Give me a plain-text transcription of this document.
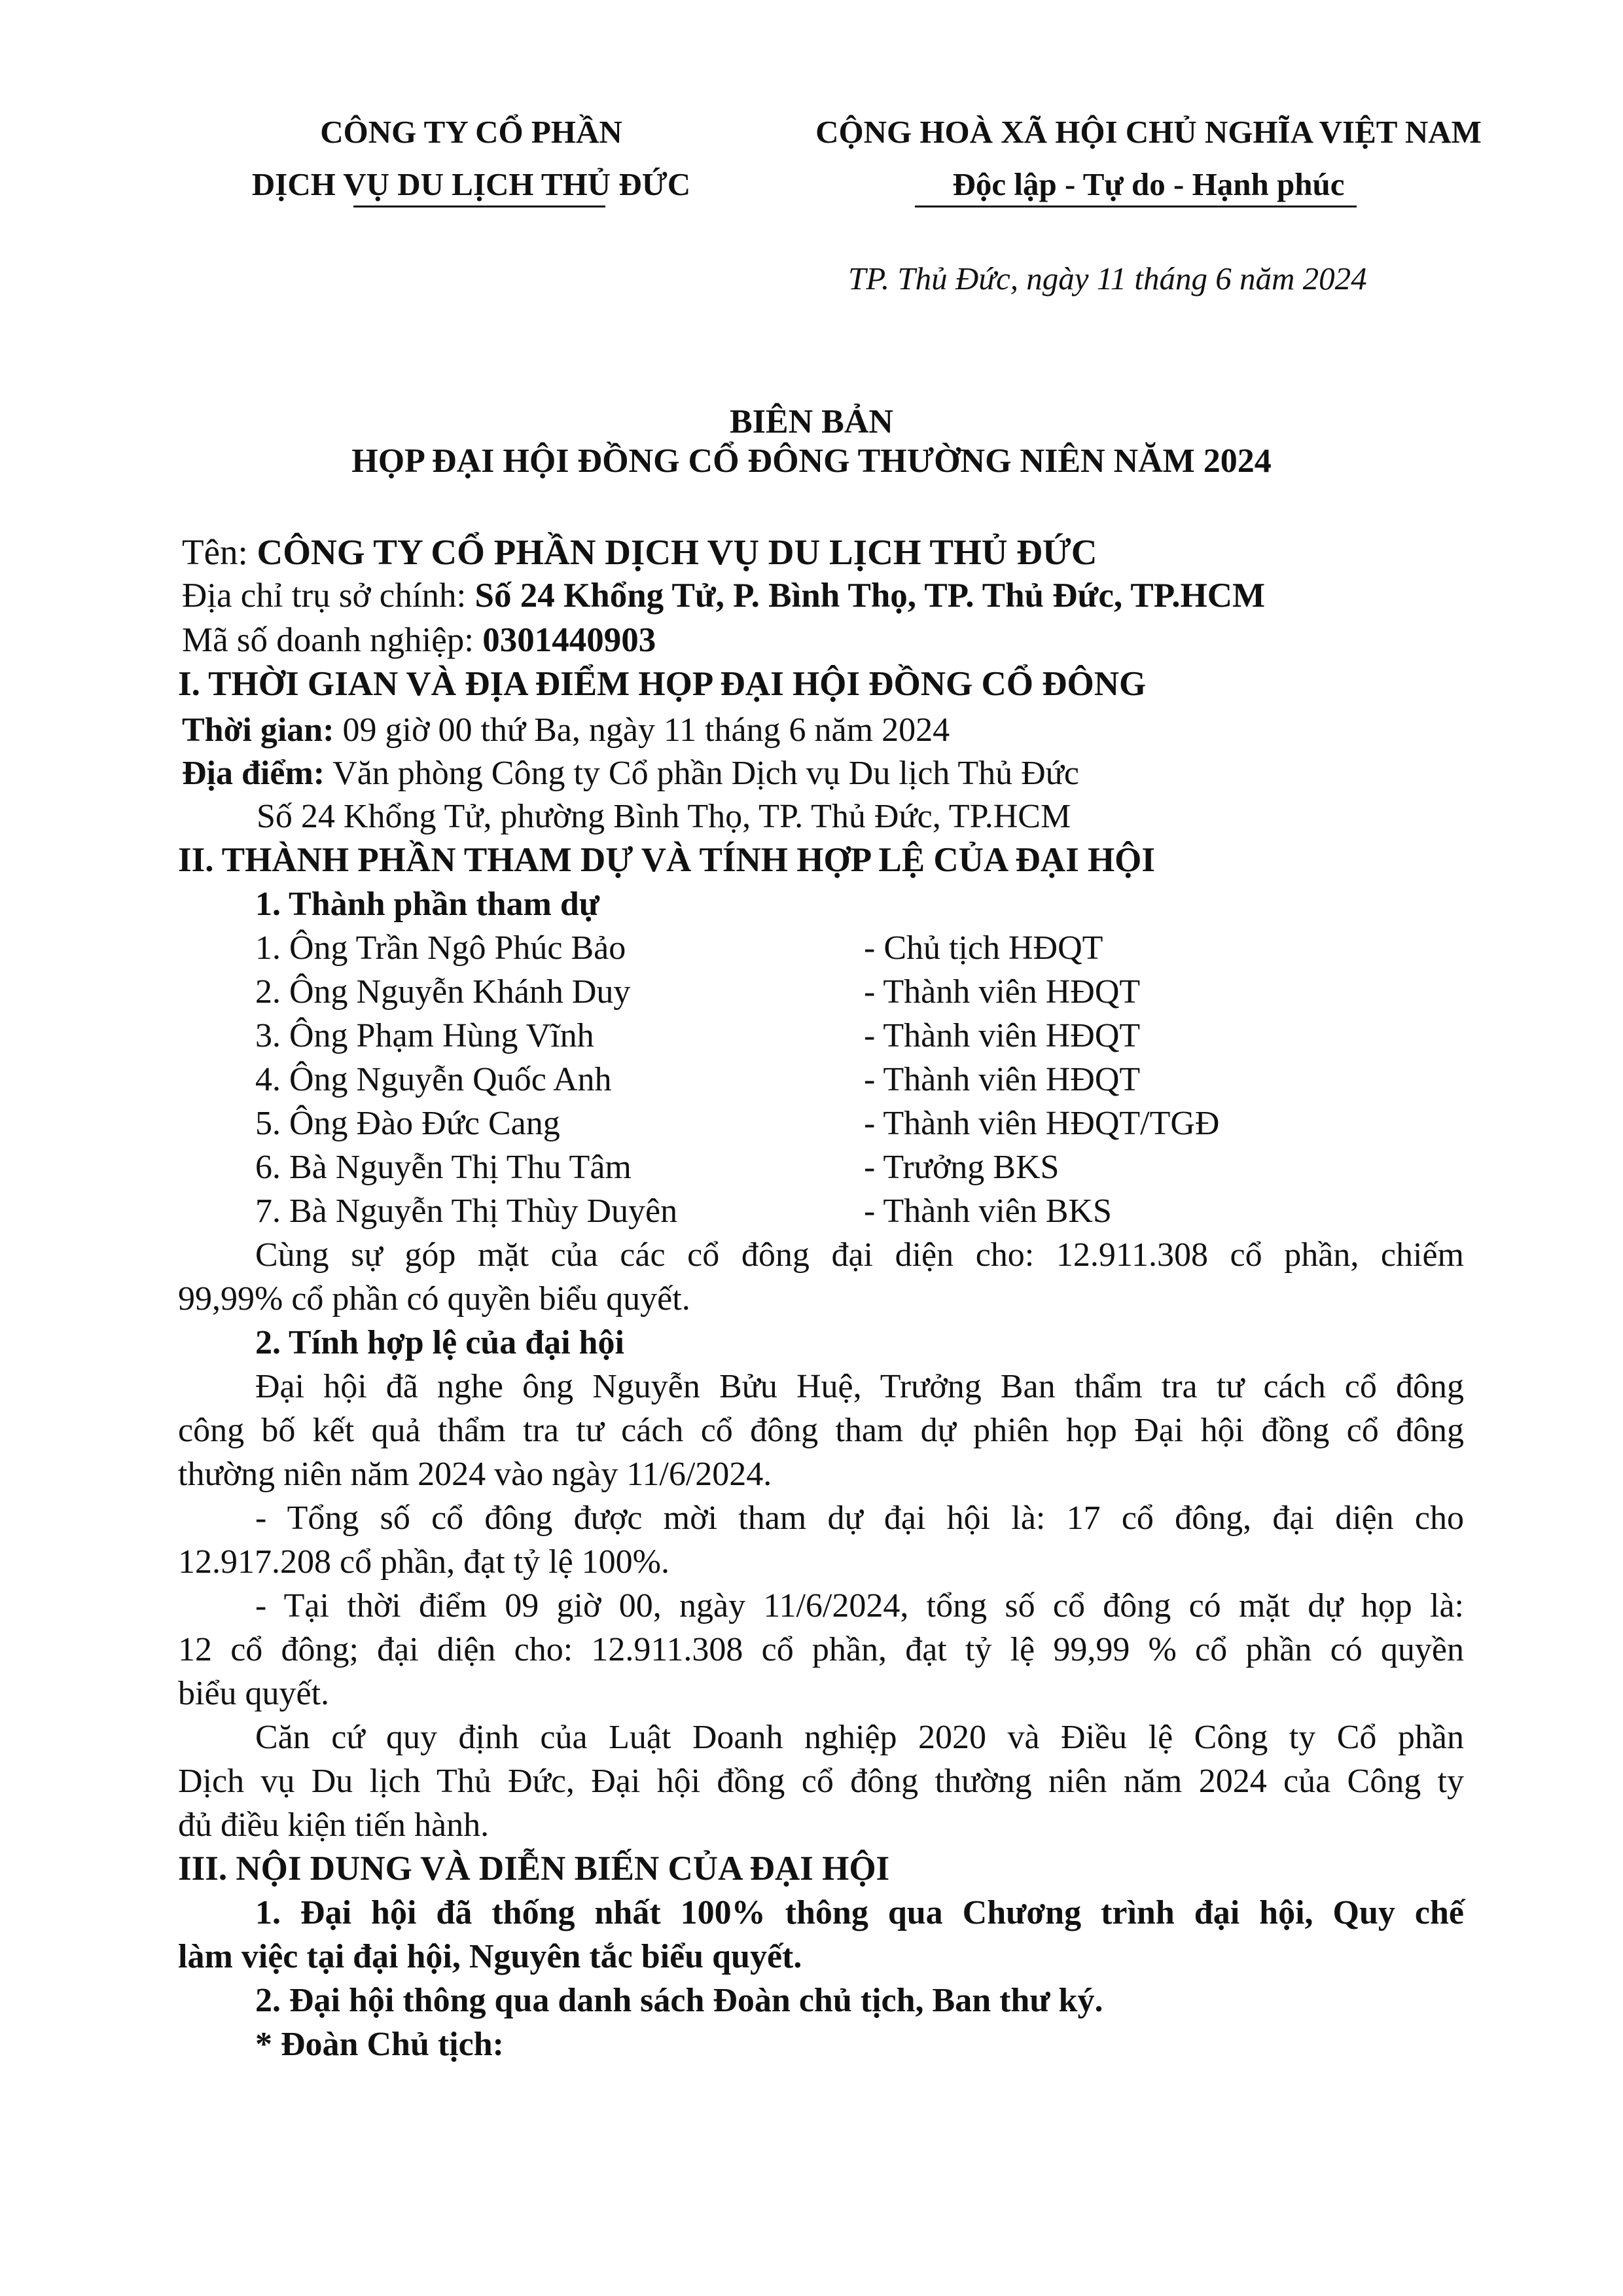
CÔNG TY CỔ PHẦN
DỊCH VỤ DU LỊCH THỦ ĐỨC
CỘNG HOÀ XÃ HỘI CHỦ NGHĨA VIỆT NAM
Độc lập - Tự do - Hạnh phúc
TP. Thủ Đức, ngày 11 tháng 6 năm 2024
BIÊN BẢN
HỌP ĐẠI HỘI ĐỒNG CỔ ĐÔNG THƯỜNG NIÊN NĂM 2024
Tên: CÔNG TY CỔ PHẦN DỊCH VỤ DU LỊCH THỦ ĐỨC
Địa chỉ trụ sở chính: Số 24 Khổng Tử, P. Bình Thọ, TP. Thủ Đức, TP.HCM
Mã số doanh nghiệp: 0301440903
I. THỜI GIAN VÀ ĐỊA ĐIỂM HỌP ĐẠI HỘI ĐỒNG CỔ ĐÔNG
Thời gian: 09 giờ 00 thứ Ba, ngày 11 tháng 6 năm 2024
Địa điểm: Văn phòng Công ty Cổ phần Dịch vụ Du lịch Thủ Đức
Số 24 Khổng Tử, phường Bình Thọ, TP. Thủ Đức, TP.HCM
II. THÀNH PHẦN THAM DỰ VÀ TÍNH HỢP LỆ CỦA ĐẠI HỘI
1. Thành phần tham dự
1. Ông Trần Ngô Phúc Bảo	- Chủ tịch HĐQT
2. Ông Nguyễn Khánh Duy	- Thành viên HĐQT
3. Ông Phạm Hùng Vĩnh	- Thành viên HĐQT
4. Ông Nguyễn Quốc Anh	- Thành viên HĐQT
5. Ông Đào Đức Cang	- Thành viên HĐQT/TGĐ
6. Bà Nguyễn Thị Thu Tâm	- Trưởng BKS
7. Bà Nguyễn Thị Thùy Duyên	- Thành viên BKS
Cùng sự góp mặt của các cổ đông đại diện cho: 12.911.308 cổ phần, chiếm
99,99% cổ phần có quyền biểu quyết.
2. Tính hợp lệ của đại hội
Đại hội đã nghe ông Nguyễn Bửu Huệ, Trưởng Ban thẩm tra tư cách cổ đông
công bố kết quả thẩm tra tư cách cổ đông tham dự phiên họp Đại hội đồng cổ đông
thường niên năm 2024 vào ngày 11/6/2024.
- Tổng số cổ đông được mời tham dự đại hội là: 17 cổ đông, đại diện cho
12.917.208 cổ phần, đạt tỷ lệ 100%.
- Tại thời điểm 09 giờ 00, ngày 11/6/2024, tổng số cổ đông có mặt dự họp là:
12 cổ đông; đại diện cho: 12.911.308 cổ phần, đạt tỷ lệ 99,99 % cổ phần có quyền
biểu quyết.
Căn cứ quy định của Luật Doanh nghiệp 2020 và Điều lệ Công ty Cổ phần
Dịch vụ Du lịch Thủ Đức, Đại hội đồng cổ đông thường niên năm 2024 của Công ty
đủ điều kiện tiến hành.
III. NỘI DUNG VÀ DIỄN BIẾN CỦA ĐẠI HỘI
1. Đại hội đã thống nhất 100% thông qua Chương trình đại hội, Quy chế
làm việc tại đại hội, Nguyên tắc biểu quyết.
2. Đại hội thông qua danh sách Đoàn chủ tịch, Ban thư ký.
* Đoàn Chủ tịch:
